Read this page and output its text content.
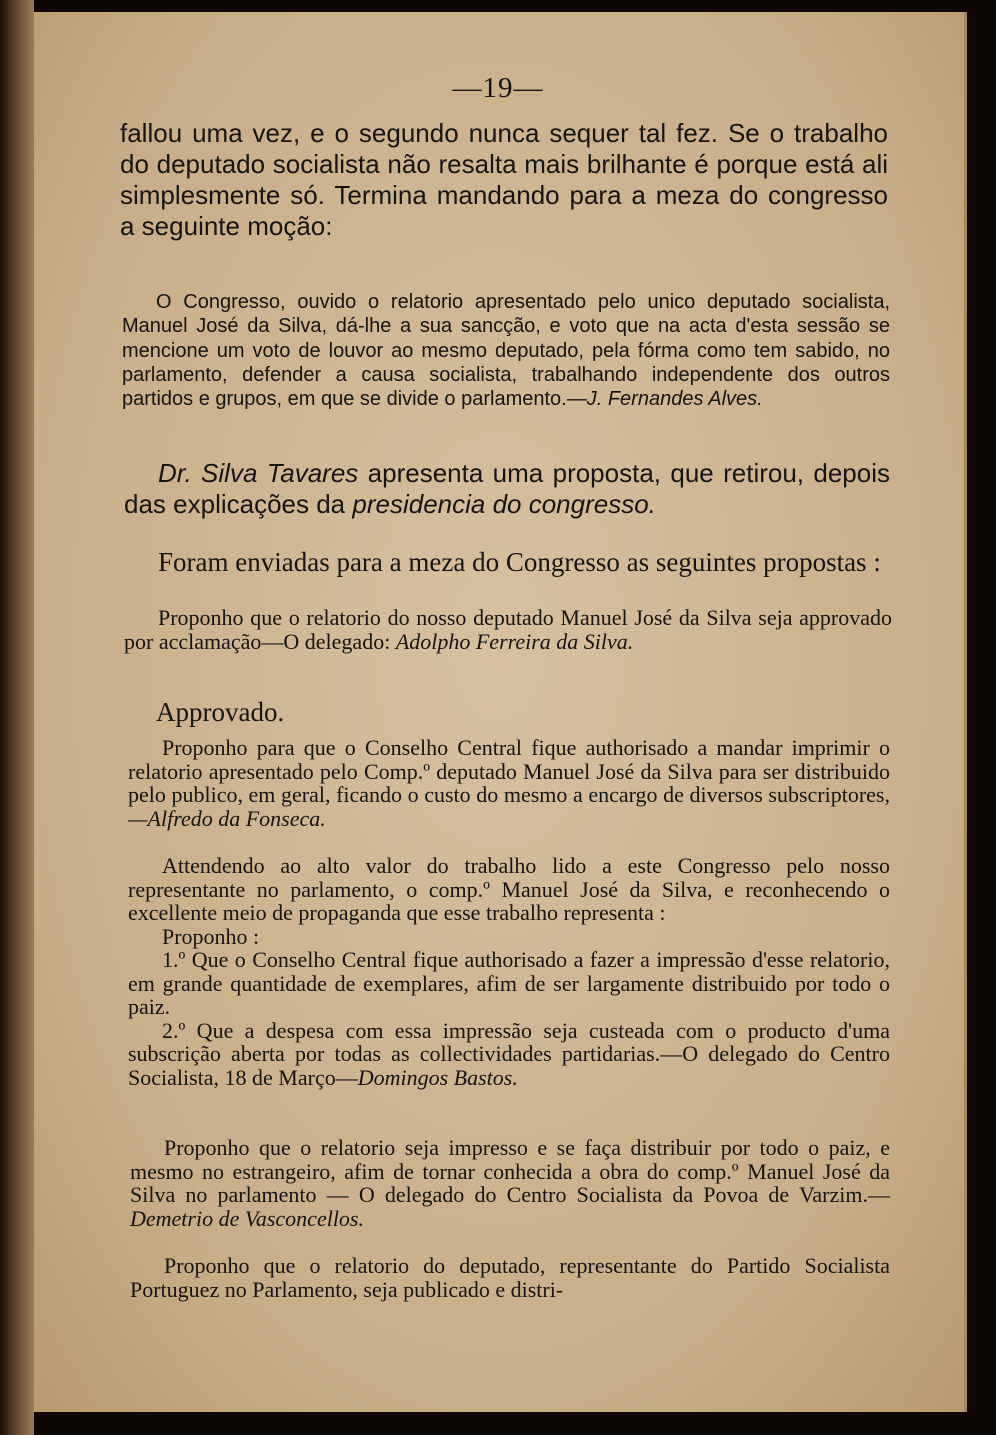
—19—

fallou uma vez, e o segundo nunca sequer tal fez. Se o trabalho do deputado socialista não resalta mais brilhante é porque está ali simplesmente só. Termina mandando para a meza do congresso a seguinte moção:

O Congresso, ouvido o relatorio apresentado pelo unico deputado socialista, Manuel José da Silva, dá-lhe a sua sancção, e voto que na acta d'esta sessão se mencione um voto de louvor ao mesmo deputado, pela fórma como tem sabido, no parlamento, defender a causa socialista, trabalhando independente dos outros partidos e grupos, em que se divide o parlamento.—J. Fernandes Alves.

Dr. Silva Tavares apresenta uma proposta, que retirou, depois das explicações da presidencia do congresso.

Foram enviadas para a meza do Congresso as seguintes propostas :

Proponho que o relatorio do nosso deputado Manuel José da Silva seja approvado por acclamação—O delegado: Adolpho Ferreira da Silva.

Approvado.

Proponho para que o Conselho Central fique authorisado a mandar imprimir o relatorio apresentado pelo Comp.º deputado Manuel José da Silva para ser distribuido pelo publico, em geral, ficando o custo do mesmo a encargo de diversos subscriptores,—Alfredo da Fonseca.

Attendendo ao alto valor do trabalho lido a este Congresso pelo nosso representante no parlamento, o comp.º Manuel José da Silva, e reconhecendo o excellente meio de propaganda que esse trabalho representa :

Proponho :

1.º Que o Conselho Central fique authorisado a fazer a impressão d'esse relatorio, em grande quantidade de exemplares, afim de ser largamente distribuido por todo o paiz.

2.º Que a despesa com essa impressão seja custeada com o producto d'uma subscrição aberta por todas as collectividades partidarias.—O delegado do Centro Socialista, 18 de Março—Domingos Bastos.

Proponho que o relatorio seja impresso e se faça distribuir por todo o paiz, e mesmo no estrangeiro, afim de tornar conhecida a obra do comp.º Manuel José da Silva no parlamento — O delegado do Centro Socialista da Povoa de Varzim.—Demetrio de Vasconcellos.

Proponho que o relatorio do deputado, representante do Partido Socialista Portuguez no Parlamento, seja publicado e distri-
